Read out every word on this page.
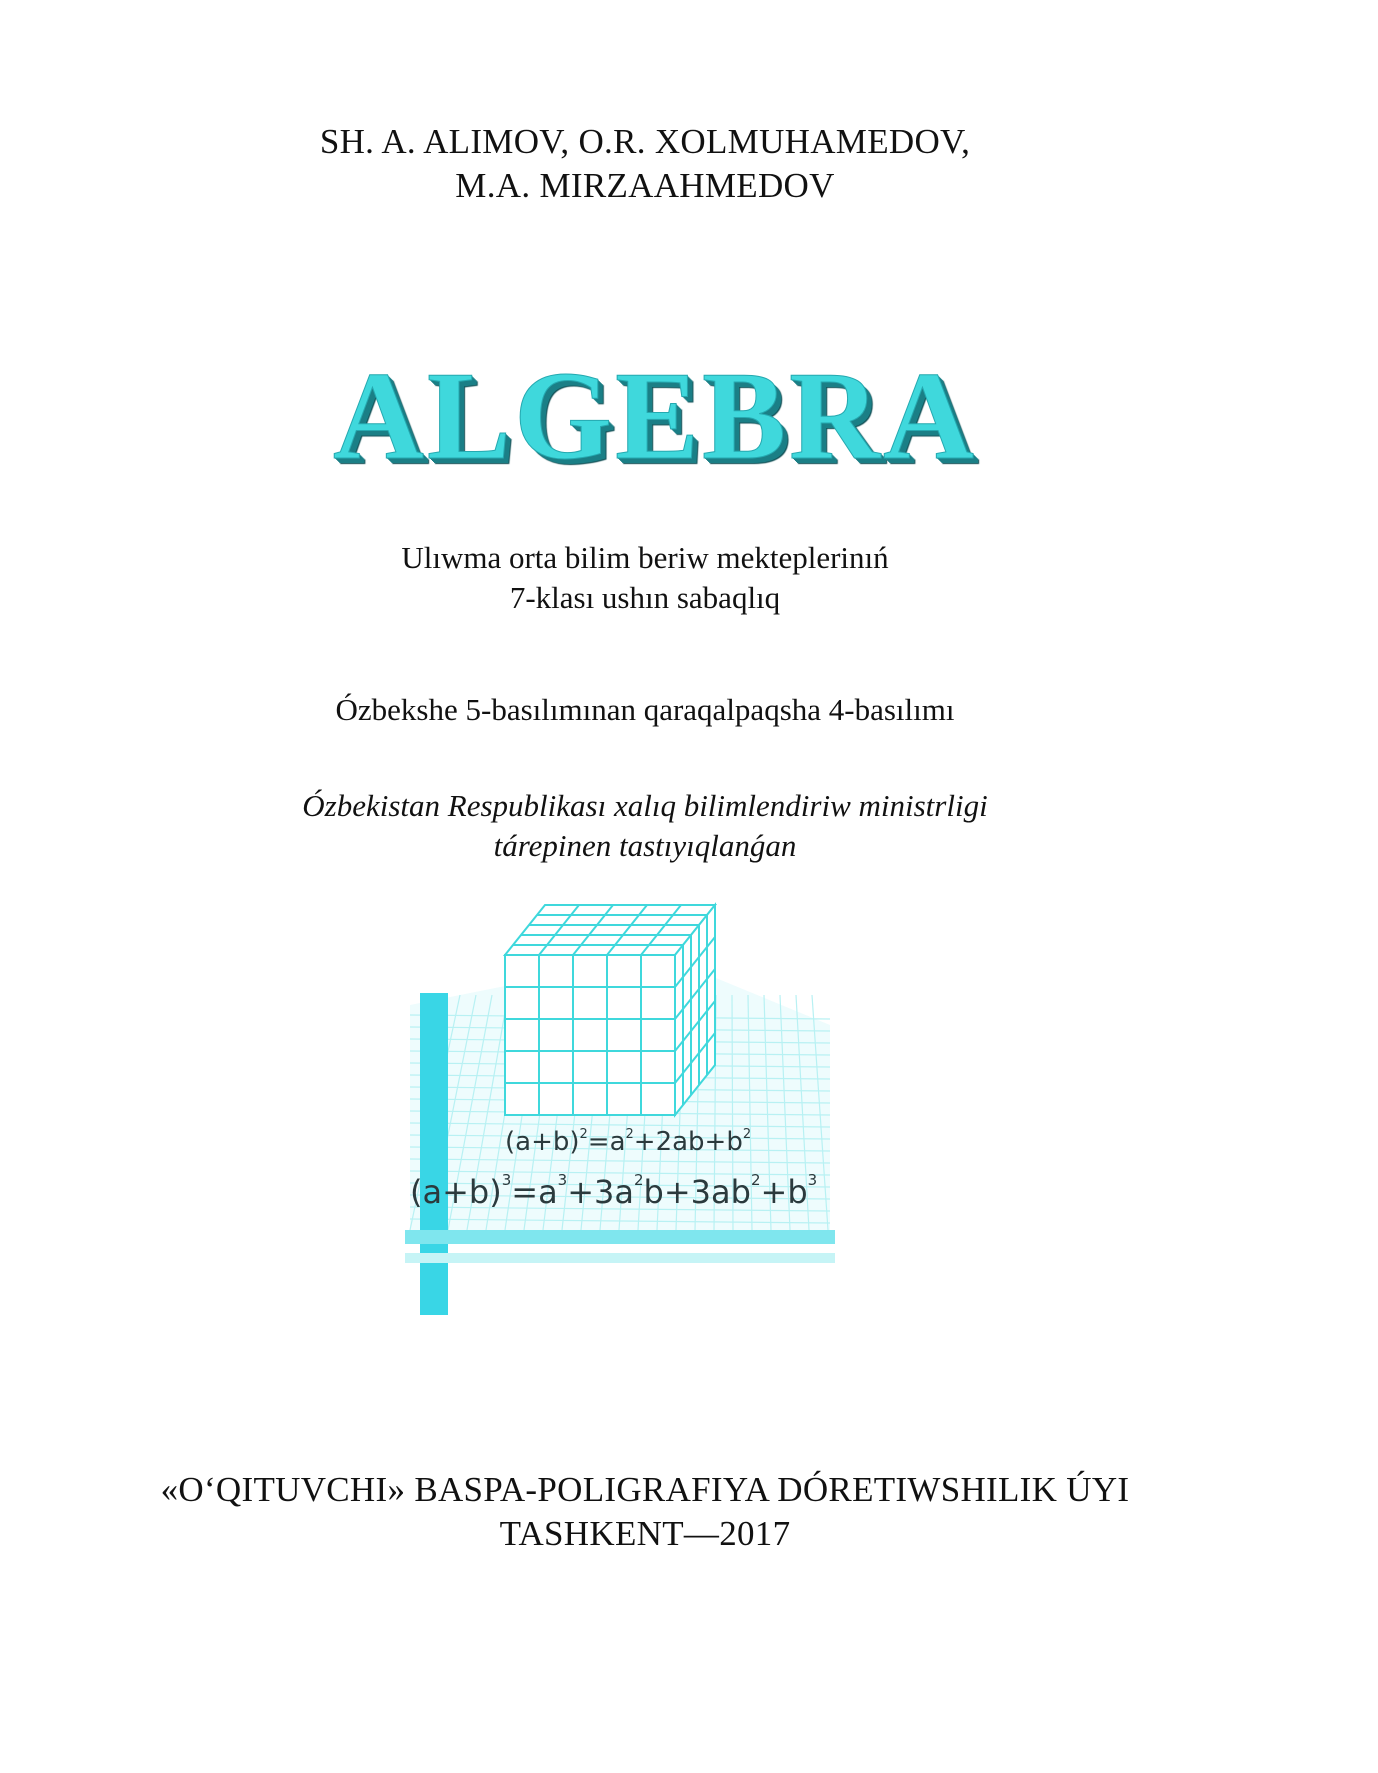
SH. A. ALIMOV, O.R. XOLMUHAMEDOV,
M.A. MIRZAAHMEDOV
ALGEBRA
Ulıwma orta bilim beriw mekteplerinıń
7-klası ushın sabaqlıq
Ózbekshe 5-basılımınan qaraqalpaqsha 4-basılımı
Ózbekistan Respublikası xalıq bilimlendiriw ministrligi
tárepinen tastıyıqlanǵan
$(a+b)^2=a^2+2ab+b^2$
$(a+b)^3=a^3+3a^2b+3ab^2+b^3$
«O‘QITUVCHI» BASPA-POLIGRAFIYA DÓRETIWSHILIK ÚYI
TASHKENT—2017
